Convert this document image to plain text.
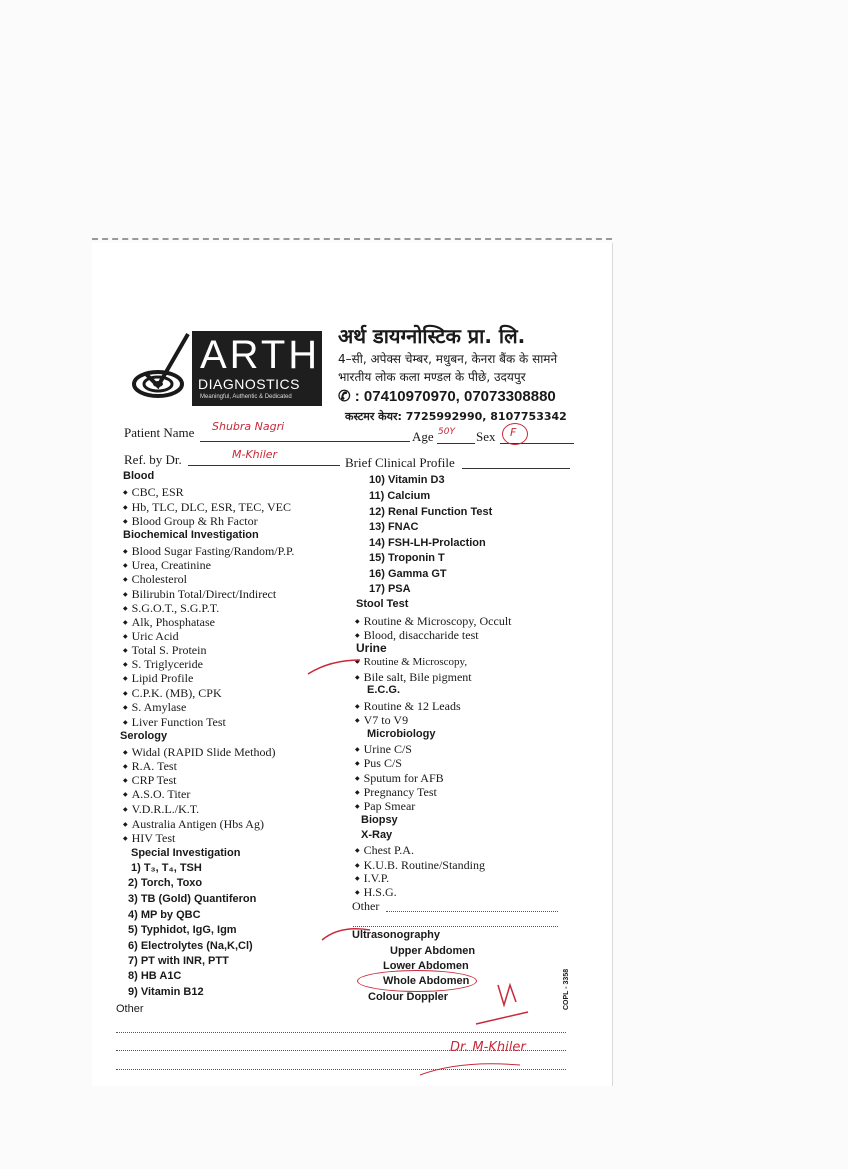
ARTH
DIAGNOSTICS
Meaningful, Authentic & Dedicated
अर्थ डायग्नोस्टिक प्रा. लि.
4–सी, अपेक्स चेम्बर, मधुबन, केनरा बैंक के सामने
भारतीय लोक कला मण्डल के पीछे, उदयपुर
✆ : 07410970970, 07073308880
कस्टमर केयर: 7725992990, 8107753342
Patient Name Shubra Nagri
Age 50Y Sex F
Ref. by Dr.	M-Khiler
Brief Clinical Profile
Blood
◆ CBC, ESR
◆ Hb, TLC, DLC, ESR, TEC, VEC
◆ Blood Group & Rh Factor
Biochemical Investigation
◆ Blood Sugar Fasting/Random/P.P.
◆ Urea, Creatinine
◆ Cholesterol
◆ Bilirubin Total/Direct/Indirect
◆ S.G.O.T., S.G.P.T.
◆ Alk, Phosphatase
◆ Uric Acid
◆ Total S. Protein
◆ S. Triglyceride
◆ Lipid Profile
◆ C.P.K. (MB), CPK
◆ S. Amylase
◆ Liver Function Test
Serology
◆ Widal (RAPID Slide Method)
◆ R.A. Test
◆ CRP Test
◆ A.S.O. Titer
◆ V.D.R.L./K.T.
◆ Australia Antigen (Hbs Ag)
◆ HIV Test
Special Investigation
1) T₃, T₄, TSH
2) Torch, Toxo
3) TB (Gold) Quantiferon
4) MP by QBC
5) Typhidot, IgG, Igm
6) Electrolytes (Na,K,Cl)
7) PT with INR, PTT
8) HB A1C
9) Vitamin B12
Other
10) Vitamin D3
11) Calcium
12) Renal Function Test
13) FNAC
14) FSH-LH-Prolaction
15) Troponin T
16) Gamma GT
17) PSA
Stool Test
◆ Routine & Microscopy, Occult
◆ Blood, disaccharide test
Urine
◆ Routine & Microscopy,
◆ Bile salt, Bile pigment
E.C.G.
◆ Routine & 12 Leads
◆ V7 to V9
Microbiology
◆ Urine C/S
◆ Pus C/S
◆ Sputum for AFB
◆ Pregnancy Test
◆ Pap Smear
Biopsy
X-Ray
◆ Chest P.A.
◆ K.U.B. Routine/Standing
◆ I.V.P.
◆ H.S.G.
Other
Ultrasonography
Upper Abdomen
Lower Abdomen
Whole Abdomen
Colour Doppler	COPL - 3358
Dr. M-Khiler
